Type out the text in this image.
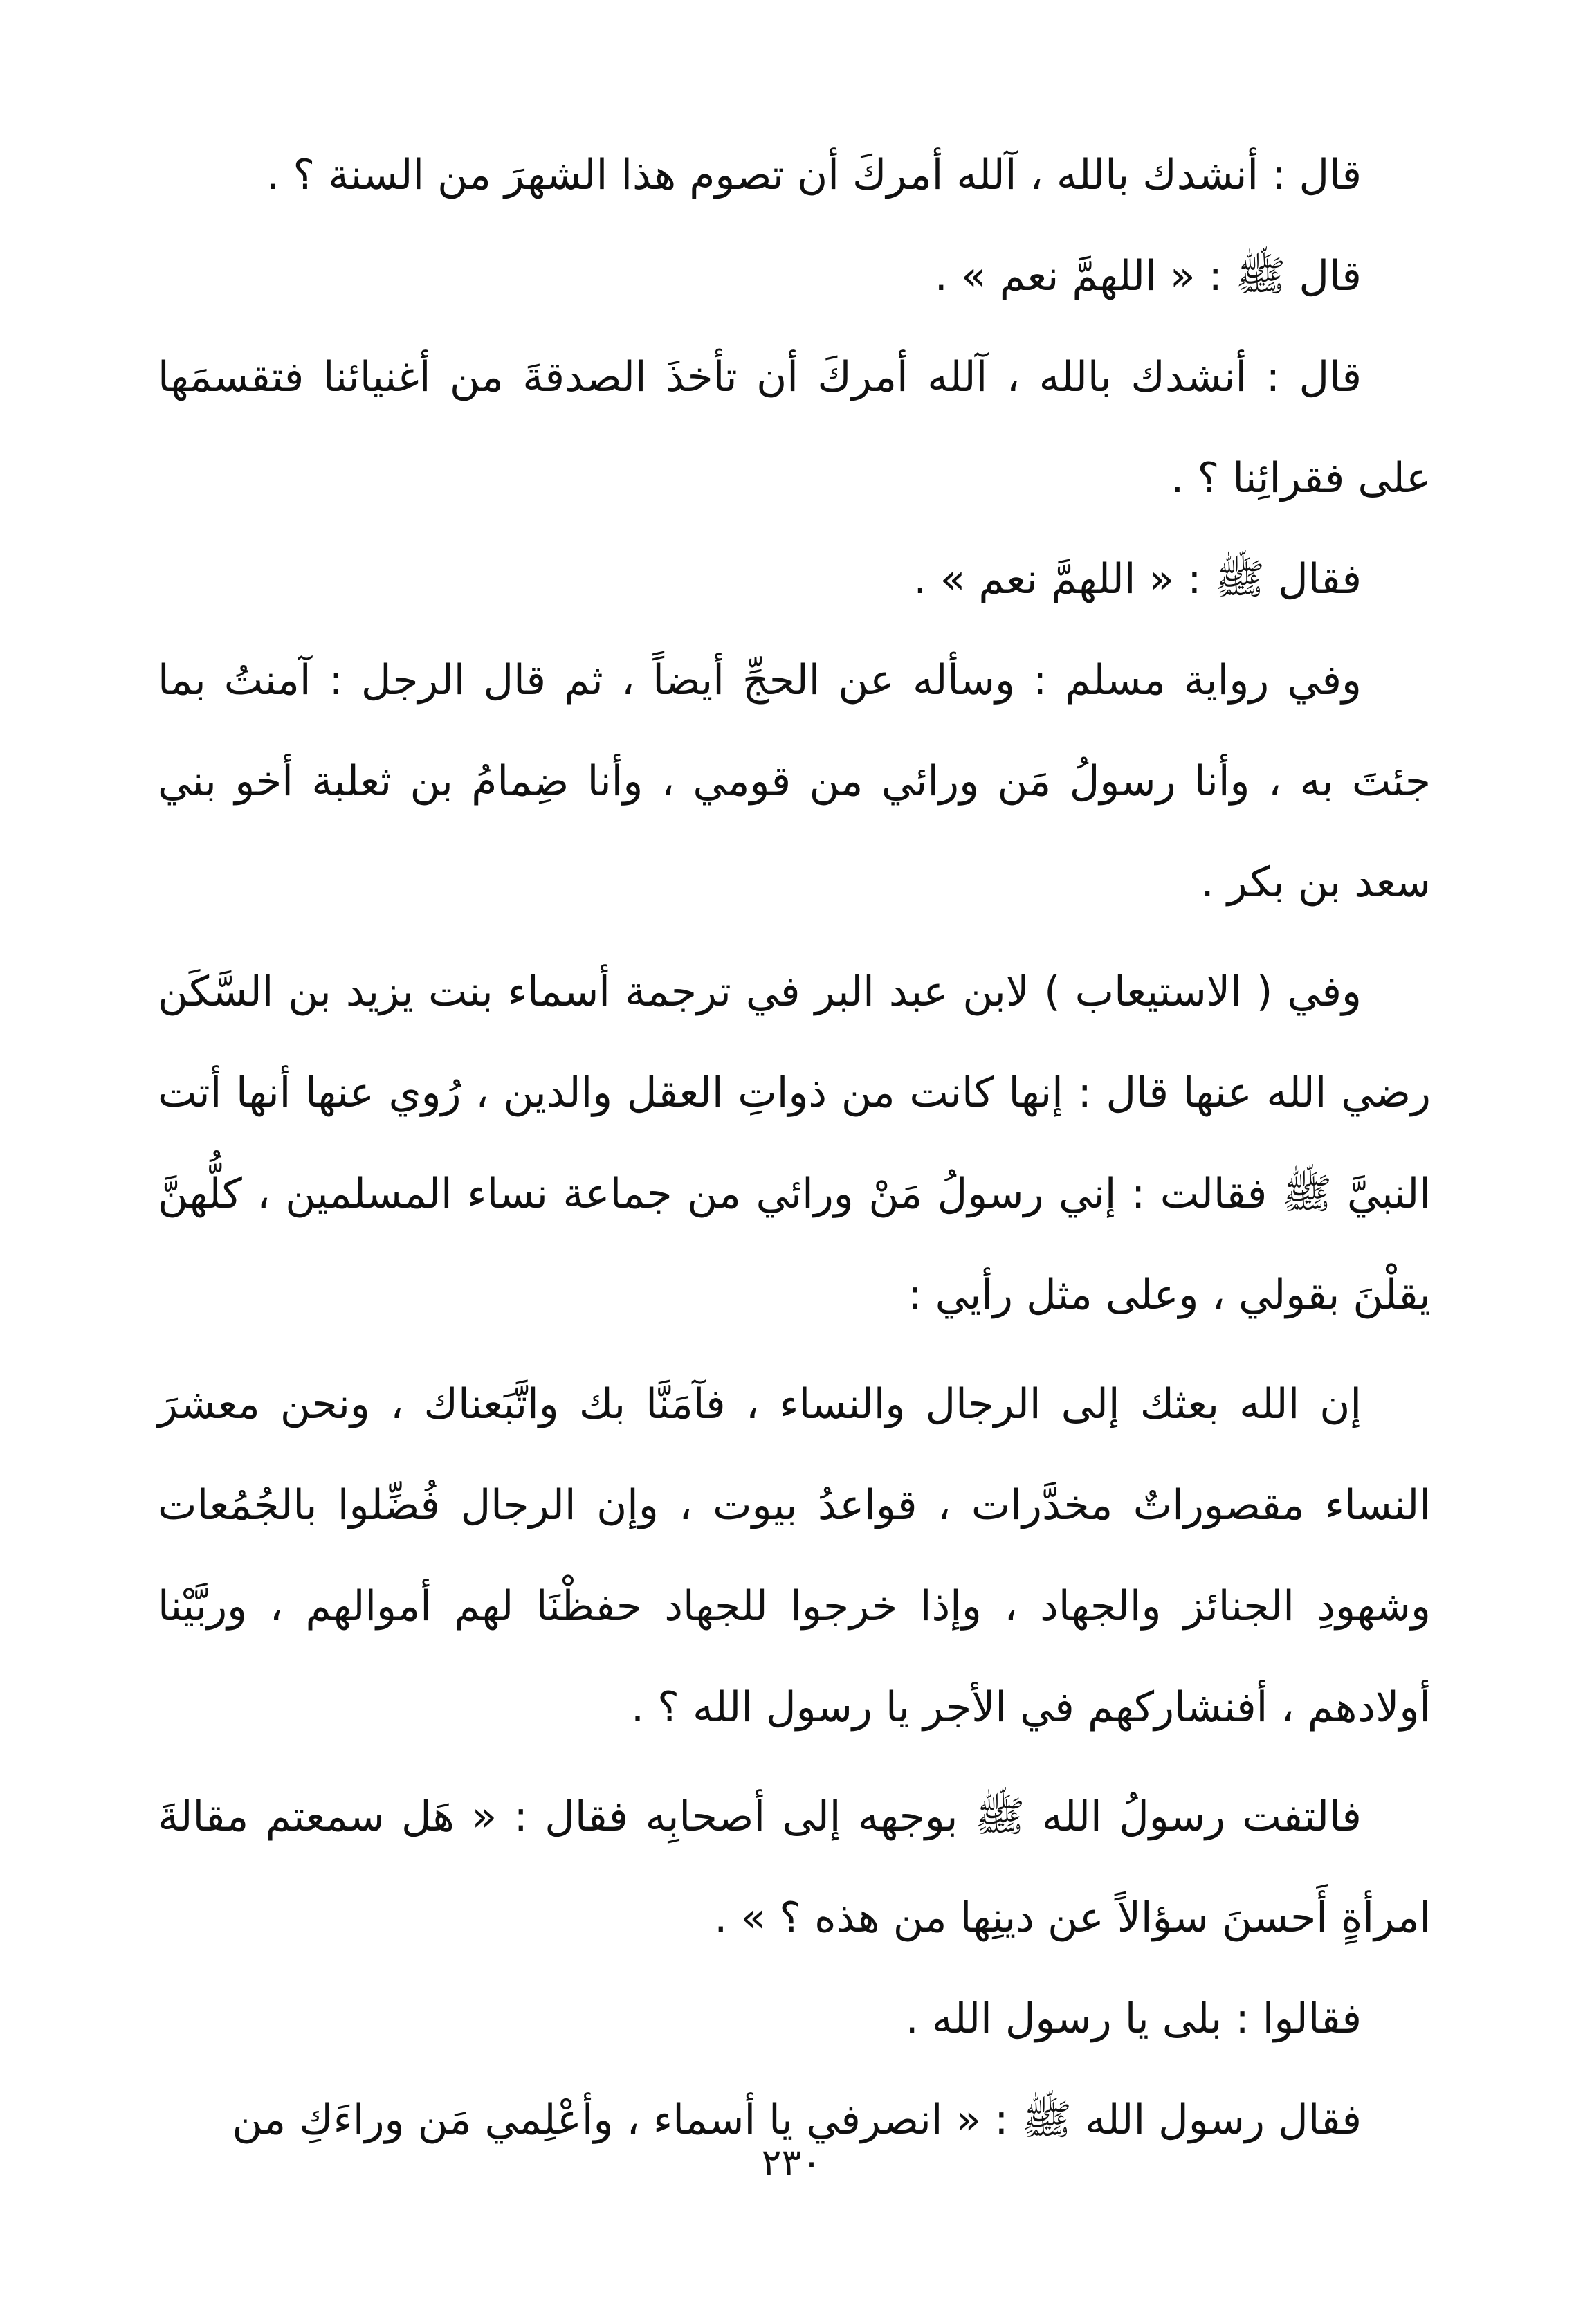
قال : أنشدك بالله ، آلله أمركَ أن تصوم هذا الشهرَ من السنة ؟ .

قال ﷺ : « اللهمَّ نعم » .

قال : أنشدك بالله ، آلله أمركَ أن تأخذَ الصدقةَ من أغنيائنا فتقسمَها على فقرائِنا ؟ .

فقال ﷺ : « اللهمَّ نعم » .

وفي رواية مسلم : وسأله عن الحجِّ أيضاً ، ثم قال الرجل : آمنتُ بما جئتَ به ، وأنا رسولُ مَن ورائي من قومي ، وأنا ضِمامُ بن ثعلبة أخو بني سعد بن بكر .

وفي ( الاستيعاب ) لابن عبد البر في ترجمة أسماء بنت يزيد بن السَّكَن رضي الله عنها قال : إنها كانت من ذواتِ العقل والدين ، رُوي عنها أنها أتت النبيَّ ﷺ فقالت : إني رسولُ مَنْ ورائي من جماعة نساء المسلمين ، كلُّهنَّ يقلْنَ بقولي ، وعلى مثل رأيي :

إن الله بعثك إلى الرجال والنساء ، فآمَنَّا بك واتَّبَعناك ، ونحن معشرَ النساء مقصوراتٌ مخدَّرات ، قواعدُ بيوت ، وإن الرجال فُضِّلوا بالجُمُعات وشهودِ الجنائز والجهاد ، وإذا خرجوا للجهاد حفظْنَا لهم أموالهم ، وربَّيْنا أولادهم ، أفنشاركهم في الأجر يا رسول الله ؟ .

فالتفت رسولُ الله ﷺ بوجهه إلى أصحابِه فقال : « هَل سمعتم مقالةَ امرأةٍ أَحسنَ سؤالاً عن دينِها من هذه ؟ » .

فقالوا : بلى يا رسول الله .

فقال رسول الله ﷺ : « انصرفي يا أسماء ، وأعْلِمي مَن وراءَكِ من

٢٣٠
